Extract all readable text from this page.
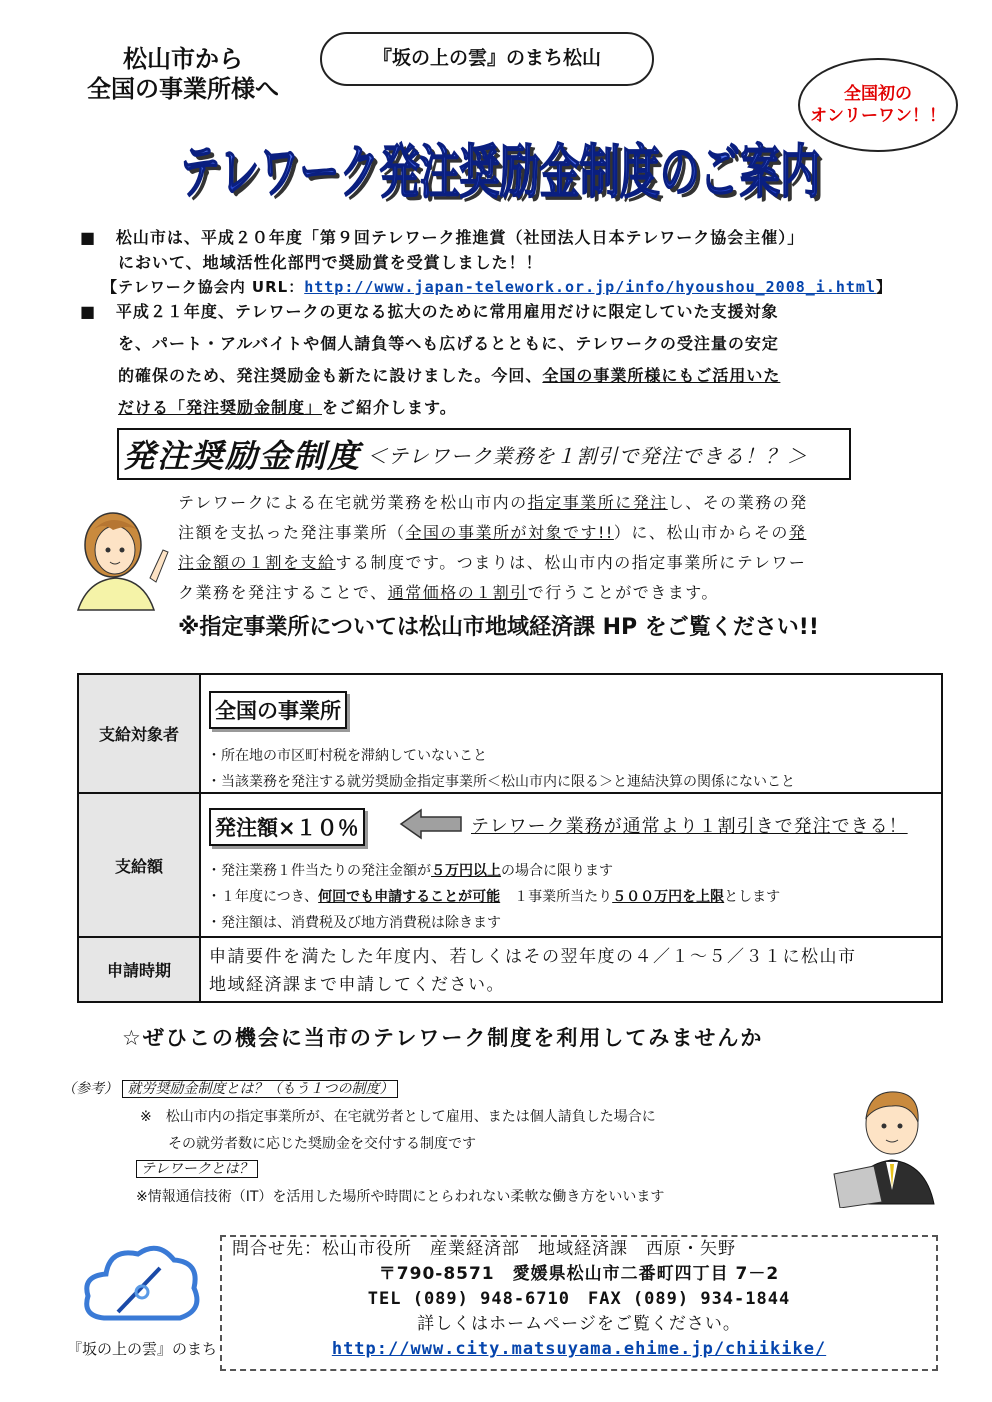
松山市から
全国の事業所様へ
『坂の上の雲』のまち松山
全国初の
オンリーワン！！
テレワーク発注奨励金制度のご案内
テレワーク発注奨励金制度のご案内
■ 松山市は、平成２０年度「第９回テレワーク推進賞（社団法人日本テレワーク協会主催）」
において、地域活性化部門で奨励賞を受賞しました！！
【テレワーク協会内 URL：http://www.japan-telework.or.jp/info/hyoushou_2008_i.html】
■ 平成２１年度、テレワークの更なる拡大のために常用雇用だけに限定していた支援対象
を、パート・アルバイトや個人請負等へも広げるとともに、テレワークの受注量の安定
的確保のため、発注奨励金も新たに設けました。今回、全国の事業所様にもご活用いた
だける「発注奨励金制度」をご紹介します。
発注奨励金制度 ＜テレワーク業務を１割引で発注できる！？＞
テレワークによる在宅就労業務を松山市内の指定事業所に発注し、その業務の発
注額を支払った発注事業所（全国の事業所が対象です!!）に、松山市からその発
注金額の１割を支給する制度です。つまりは、松山市内の指定事業所にテレワー
ク業務を発注することで、通常価格の１割引で行うことができます。
※指定事業所については松山市地域経済課 HP をご覧ください!!
支給対象者
全国の事業所
・所在地の市区町村税を滞納していないこと
・当該業務を発注する就労奨励金指定事業所＜松山市内に限る＞と連結決算の関係にないこと
支給額
発注額×１０％	テレワーク業務が通常より１割引きで発注できる！
・発注業務１件当たりの発注金額が５万円以上の場合に限ります
・１年度につき、何回でも申請することが可能　１事業所当たり５００万円を上限とします
・発注額は、消費税及び地方消費税は除きます
申請時期
申請要件を満たした年度内、若しくはその翌年度の４／１～５／３１に松山市
地域経済課まで申請してください。
☆ぜひこの機会に当市のテレワーク制度を利用してみませんか
（参考） 就労奨励金制度とは？（もう１つの制度）
※　松山市内の指定事業所が、在宅就労者として雇用、または個人請負した場合に
その就労者数に応じた奨励金を交付する制度です
テレワークとは？
※情報通信技術（IT）を活用した場所や時間にとらわれない柔軟な働き方をいいます
『坂の上の雲』のまち
問合せ先：松山市役所　産業経済部　地域経済課　西原・矢野
〒790-8571　愛媛県松山市二番町四丁目 7－2
TEL (089) 948-6710　FAX (089) 934-1844
詳しくはホームページをご覧ください。
http://www.city.matsuyama.ehime.jp/chiikike/
